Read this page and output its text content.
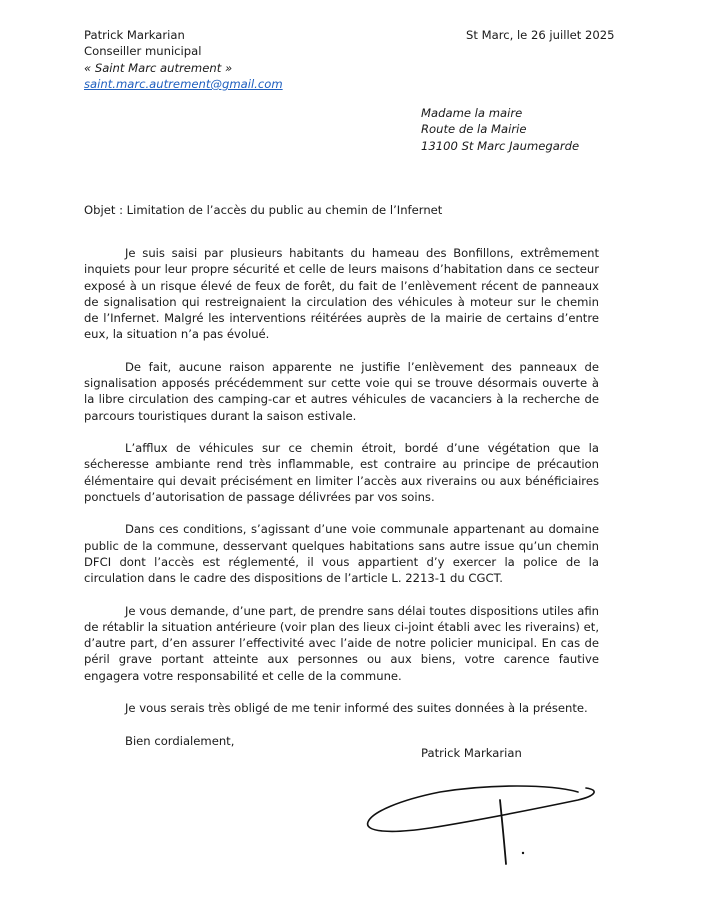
Patrick Markarian
Conseiller municipal
« Saint Marc autrement »
saint.marc.autrement@gmail.com
St Marc, le 26 juillet 2025
Madame la maire
Route de la Mairie
13100 St Marc Jaumegarde
Objet : Limitation de l’accès du public au chemin de l’Infernet

Je suis saisi par plusieurs habitants du hameau des Bonfillons, extrêmement inquiets pour leur propre sécurité et celle de leurs maisons d’habitation dans ce secteur exposé à un risque élevé de feux de forêt, du fait de l’enlèvement récent de panneaux de signalisation qui restreignaient la circulation des véhicules à moteur sur le chemin de l’Infernet. Malgré les interventions réitérées auprès de la mairie de certains d’entre eux, la situation n’a pas évolué.

De fait, aucune raison apparente ne justifie l’enlèvement des panneaux de signalisation apposés précédemment sur cette voie qui se trouve désormais ouverte à la libre circulation des camping-car et autres véhicules de vacanciers à la recherche de parcours touristiques durant la saison estivale.

L’afflux de véhicules sur ce chemin étroit, bordé d’une végétation que la sécheresse ambiante rend très inflammable, est contraire au principe de précaution élémentaire qui devait précisément en limiter l’accès aux riverains ou aux bénéficiaires ponctuels d’autorisation de passage délivrées par vos soins.

Dans ces conditions, s’agissant d’une voie communale appartenant au domaine public de la commune, desservant quelques habitations sans autre issue qu’un chemin DFCI dont l’accès est réglementé, il vous appartient d’y exercer la police de la circulation dans le cadre des dispositions de l’article L. 2213-1 du CGCT.

Je vous demande, d’une part, de prendre sans délai toutes dispositions utiles afin de rétablir la situation antérieure (voir plan des lieux ci-joint établi avec les riverains) et, d’autre part, d’en assurer l’effectivité avec l’aide de notre policier municipal. En cas de péril grave portant atteinte aux personnes ou aux biens, votre carence fautive engagera votre responsabilité et celle de la commune.

Je vous serais très obligé de me tenir informé des suites données à la présente.

Bien cordialement,

Patrick Markarian
